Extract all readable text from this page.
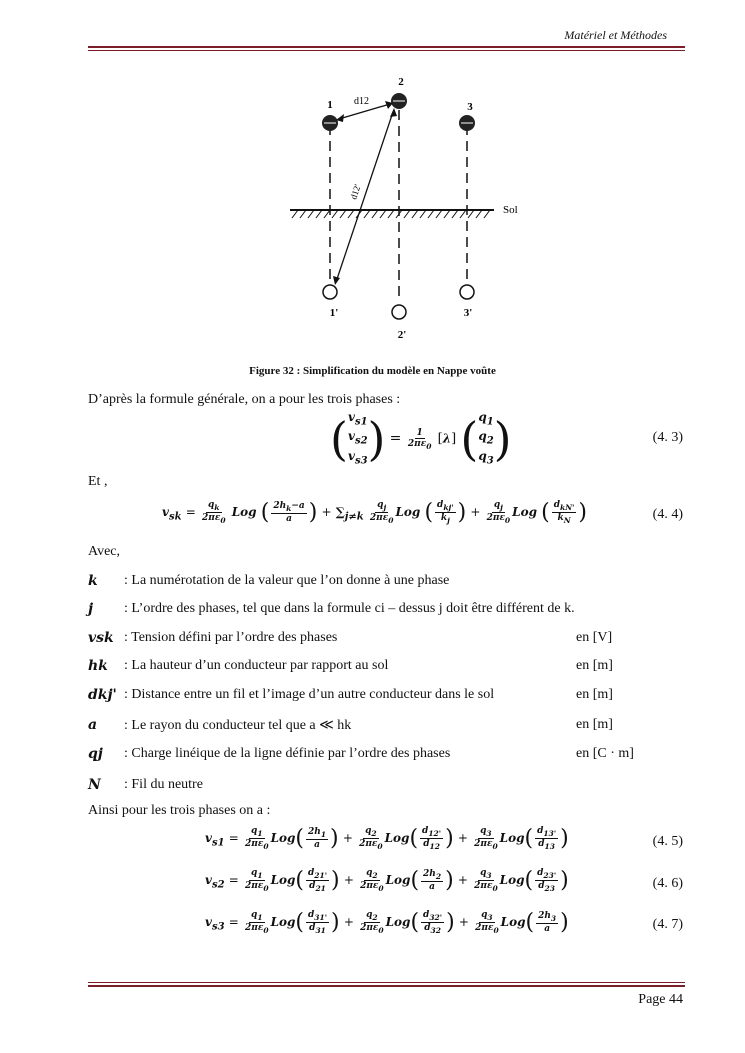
Matériel et Méthodes
1
2
3
d12
d12'
Sol
1'
2'
3'
Figure 32 : Simplification du modèle en Nappe voûte
D’après la formule générale, on a pour les trois phases :
($v_{s1}$
$v_{s2}$
$v_{s3}) = \frac{1}{2\pi\varepsilon_0} [\lambda]$ ($q_1$
$q_2$
$q_3$)	(4. 3)
Et ,
$v_{sk} = \frac{q_k}{2\pi\varepsilon_0}$ Log ( $\frac{2h_k-a}{a}$ ) + $\sum_{j\ne k} \frac{q_j}{2\pi\varepsilon_0}$ Log ( $\frac{d_{kj'}}{k_j}$ ) + $\frac{q_j}{2\pi\varepsilon_0}$ Log ( $\frac{d_{kN'}}{k_N}$ )	(4. 4)
Avec,
k : La numérotation de la valeur que l’on donne à une phase
j : L’ordre des phases, tel que dans la formule ci – dessus j doit être différent de k.
vsk : Tension défini par l’ordre des phases	en [V]
hk : La hauteur d’un conducteur par rapport au sol	en [m]
dkj' : Distance entre un fil et l’image d’un autre conducteur dans le sol	en [m]
a : Le rayon du conducteur tel que a ≪ hk	en [m]
qj : Charge linéique de la ligne définie par l’ordre des phases	en [C · m]
N : Fil du neutre
Ainsi pour les trois phases on a :
$v_{s1} = \frac{q_1}{2\pi\varepsilon_0} Log( \frac{2h_1}{a}$ ) + $\frac{q_2}{2\pi\varepsilon_0} Log( \frac{d_{12'}}{d_{12}}$ ) + $\frac{q_3}{2\pi\varepsilon_0} Log( \frac{d_{13'}}{d_{13}}$ )	(4. 5)
$v_{s2} = \frac{q_1}{2\pi\varepsilon_0} Log( \frac{d_{21'}}{d_{21}}$ ) + $\frac{q_2}{2\pi\varepsilon_0} Log( \frac{2h_2}{a}$ ) + $\frac{q_3}{2\pi\varepsilon_0} Log( \frac{d_{23'}}{d_{23}}$ )	(4. 6)
$v_{s3} = \frac{q_1}{2\pi\varepsilon_0} Log( \frac{d_{31'}}{d_{31}}$ ) + $\frac{q_2}{2\pi\varepsilon_0} Log( \frac{d_{32'}}{d_{32}}$ ) + $\frac{q_3}{2\pi\varepsilon_0} Log( \frac{2h_3}{a}$ )	(4. 7)
Page 44
